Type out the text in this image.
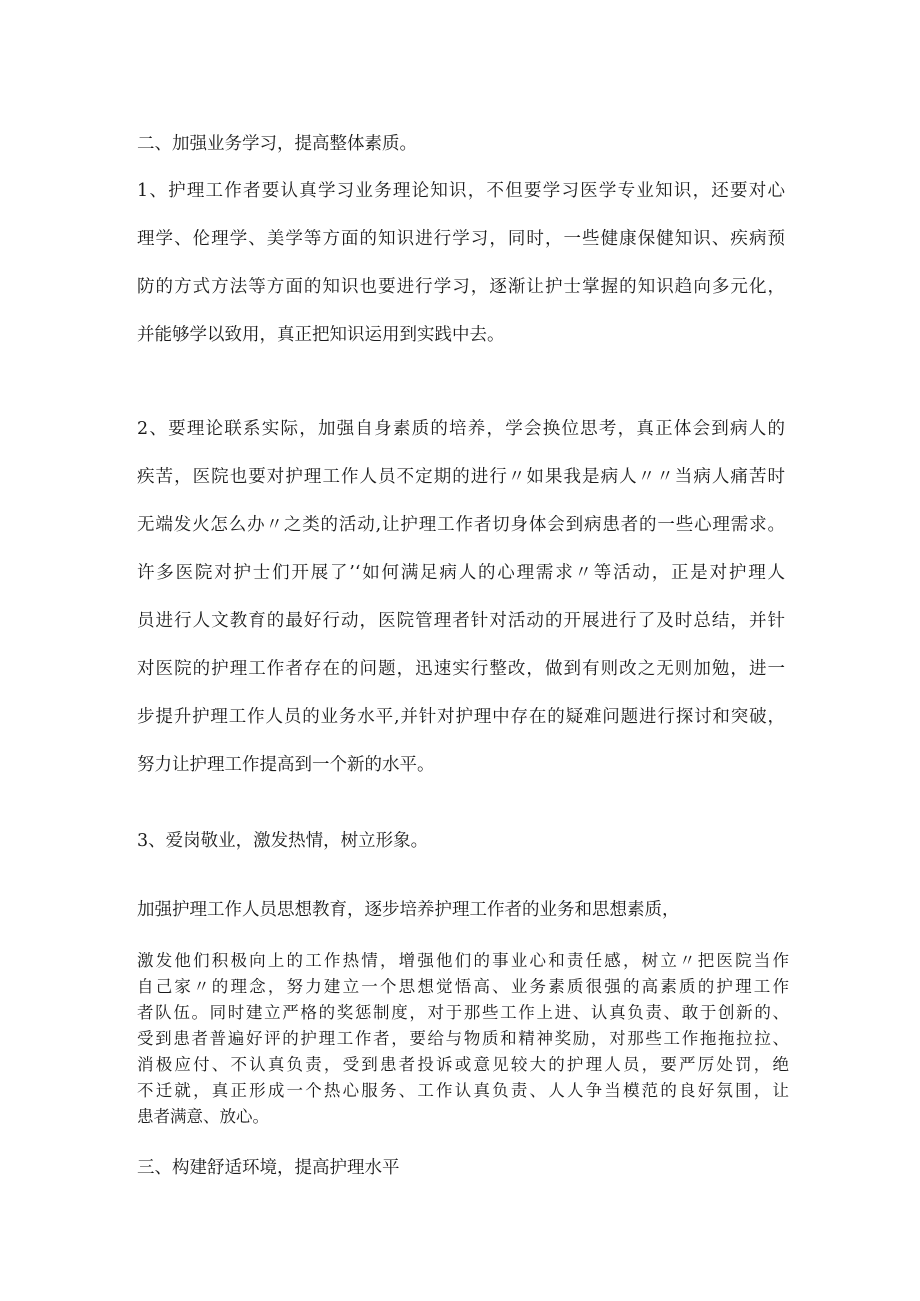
二、加强业务学习，提高整体素质。

1、护理工作者要认真学习业务理论知识，不但要学习医学专业知识，还要对心

理学、伦理学、美学等方面的知识进行学习，同时，一些健康保健知识、疾病预

防的方式方法等方面的知识也要进行学习，逐渐让护士掌握的知识趋向多元化，

并能够学以致用，真正把知识运用到实践中去。

2、要理论联系实际，加强自身素质的培养，学会换位思考，真正体会到病人的

疾苦，医院也要对护理工作人员不定期的进行〃如果我是病人〃〃当病人痛苦时

无端发火怎么办〃之类的活动,让护理工作者切身体会到病患者的一些心理需求。

许多医院对护士们开展了’‘如何满足病人的心理需求〃等活动，正是对护理人

员进行人文教育的最好行动，医院管理者针对活动的开展进行了及时总结，并针

对医院的护理工作者存在的问题，迅速实行整改，做到有则改之无则加勉，进一

步提升护理工作人员的业务水平,并针对护理中存在的疑难问题进行探讨和突破，

努力让护理工作提高到一个新的水平。

3、爱岗敬业，激发热情，树立形象。

加强护理工作人员思想教育，逐步培养护理工作者的业务和思想素质，

激发他们积极向上的工作热情，增强他们的事业心和责任感，树立〃把医院当作

自己家〃的理念，努力建立一个思想觉悟高、业务素质很强的高素质的护理工作

者队伍。同时建立严格的奖惩制度，对于那些工作上进、认真负责、敢于创新的、

受到患者普遍好评的护理工作者，要给与物质和精神奖励，对那些工作拖拖拉拉、

消极应付、不认真负责，受到患者投诉或意见较大的护理人员，要严厉处罚，绝

不迁就，真正形成一个热心服务、工作认真负责、人人争当模范的良好氛围，让

患者满意、放心。

三、构建舒适环境，提高护理水平
